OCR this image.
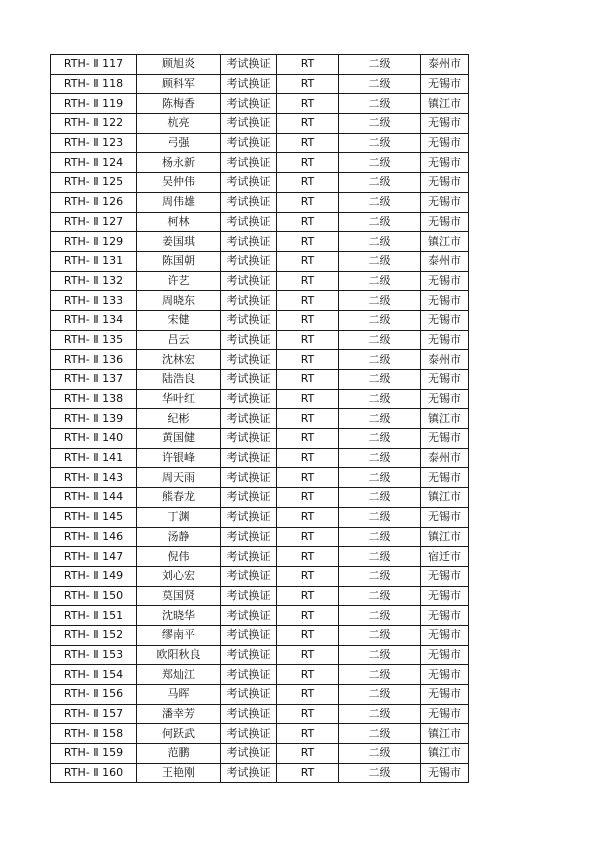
RTH- Ⅱ 117	顾旭炎	考试换证	RT	二级	泰州市
RTH- Ⅱ 118	顾科军	考试换证	RT	二级	无锡市
RTH- Ⅱ 119	陈梅香	考试换证	RT	二级	镇江市
RTH- Ⅱ 122	杭亮	考试换证	RT	二级	无锡市
RTH- Ⅱ 123	弓强	考试换证	RT	二级	无锡市
RTH- Ⅱ 124	杨永新	考试换证	RT	二级	无锡市
RTH- Ⅱ 125	吴仲伟	考试换证	RT	二级	无锡市
RTH- Ⅱ 126	周伟雄	考试换证	RT	二级	无锡市
RTH- Ⅱ 127	柯林	考试换证	RT	二级	无锡市
RTH- Ⅱ 129	姜国琪	考试换证	RT	二级	镇江市
RTH- Ⅱ 131	陈国朝	考试换证	RT	二级	泰州市
RTH- Ⅱ 132	许艺	考试换证	RT	二级	无锡市
RTH- Ⅱ 133	周晓东	考试换证	RT	二级	无锡市
RTH- Ⅱ 134	宋健	考试换证	RT	二级	无锡市
RTH- Ⅱ 135	吕云	考试换证	RT	二级	无锡市
RTH- Ⅱ 136	沈林宏	考试换证	RT	二级	泰州市
RTH- Ⅱ 137	陆浩良	考试换证	RT	二级	无锡市
RTH- Ⅱ 138	华叶红	考试换证	RT	二级	无锡市
RTH- Ⅱ 139	纪彬	考试换证	RT	二级	镇江市
RTH- Ⅱ 140	黄国健	考试换证	RT	二级	无锡市
RTH- Ⅱ 141	许银峰	考试换证	RT	二级	泰州市
RTH- Ⅱ 143	周天雨	考试换证	RT	二级	无锡市
RTH- Ⅱ 144	熊春龙	考试换证	RT	二级	镇江市
RTH- Ⅱ 145	丁渊	考试换证	RT	二级	无锡市
RTH- Ⅱ 146	汤静	考试换证	RT	二级	镇江市
RTH- Ⅱ 147	倪伟	考试换证	RT	二级	宿迁市
RTH- Ⅱ 149	刘心宏	考试换证	RT	二级	无锡市
RTH- Ⅱ 150	莫国贤	考试换证	RT	二级	无锡市
RTH- Ⅱ 151	沈晓华	考试换证	RT	二级	无锡市
RTH- Ⅱ 152	缪南平	考试换证	RT	二级	无锡市
RTH- Ⅱ 153	欧阳秋良	考试换证	RT	二级	无锡市
RTH- Ⅱ 154	郑灿江	考试换证	RT	二级	无锡市
RTH- Ⅱ 156	马晖	考试换证	RT	二级	无锡市
RTH- Ⅱ 157	潘幸芳	考试换证	RT	二级	无锡市
RTH- Ⅱ 158	何跃武	考试换证	RT	二级	镇江市
RTH- Ⅱ 159	范鹏	考试换证	RT	二级	镇江市
RTH- Ⅱ 160	王艳刚	考试换证	RT	二级	无锡市
